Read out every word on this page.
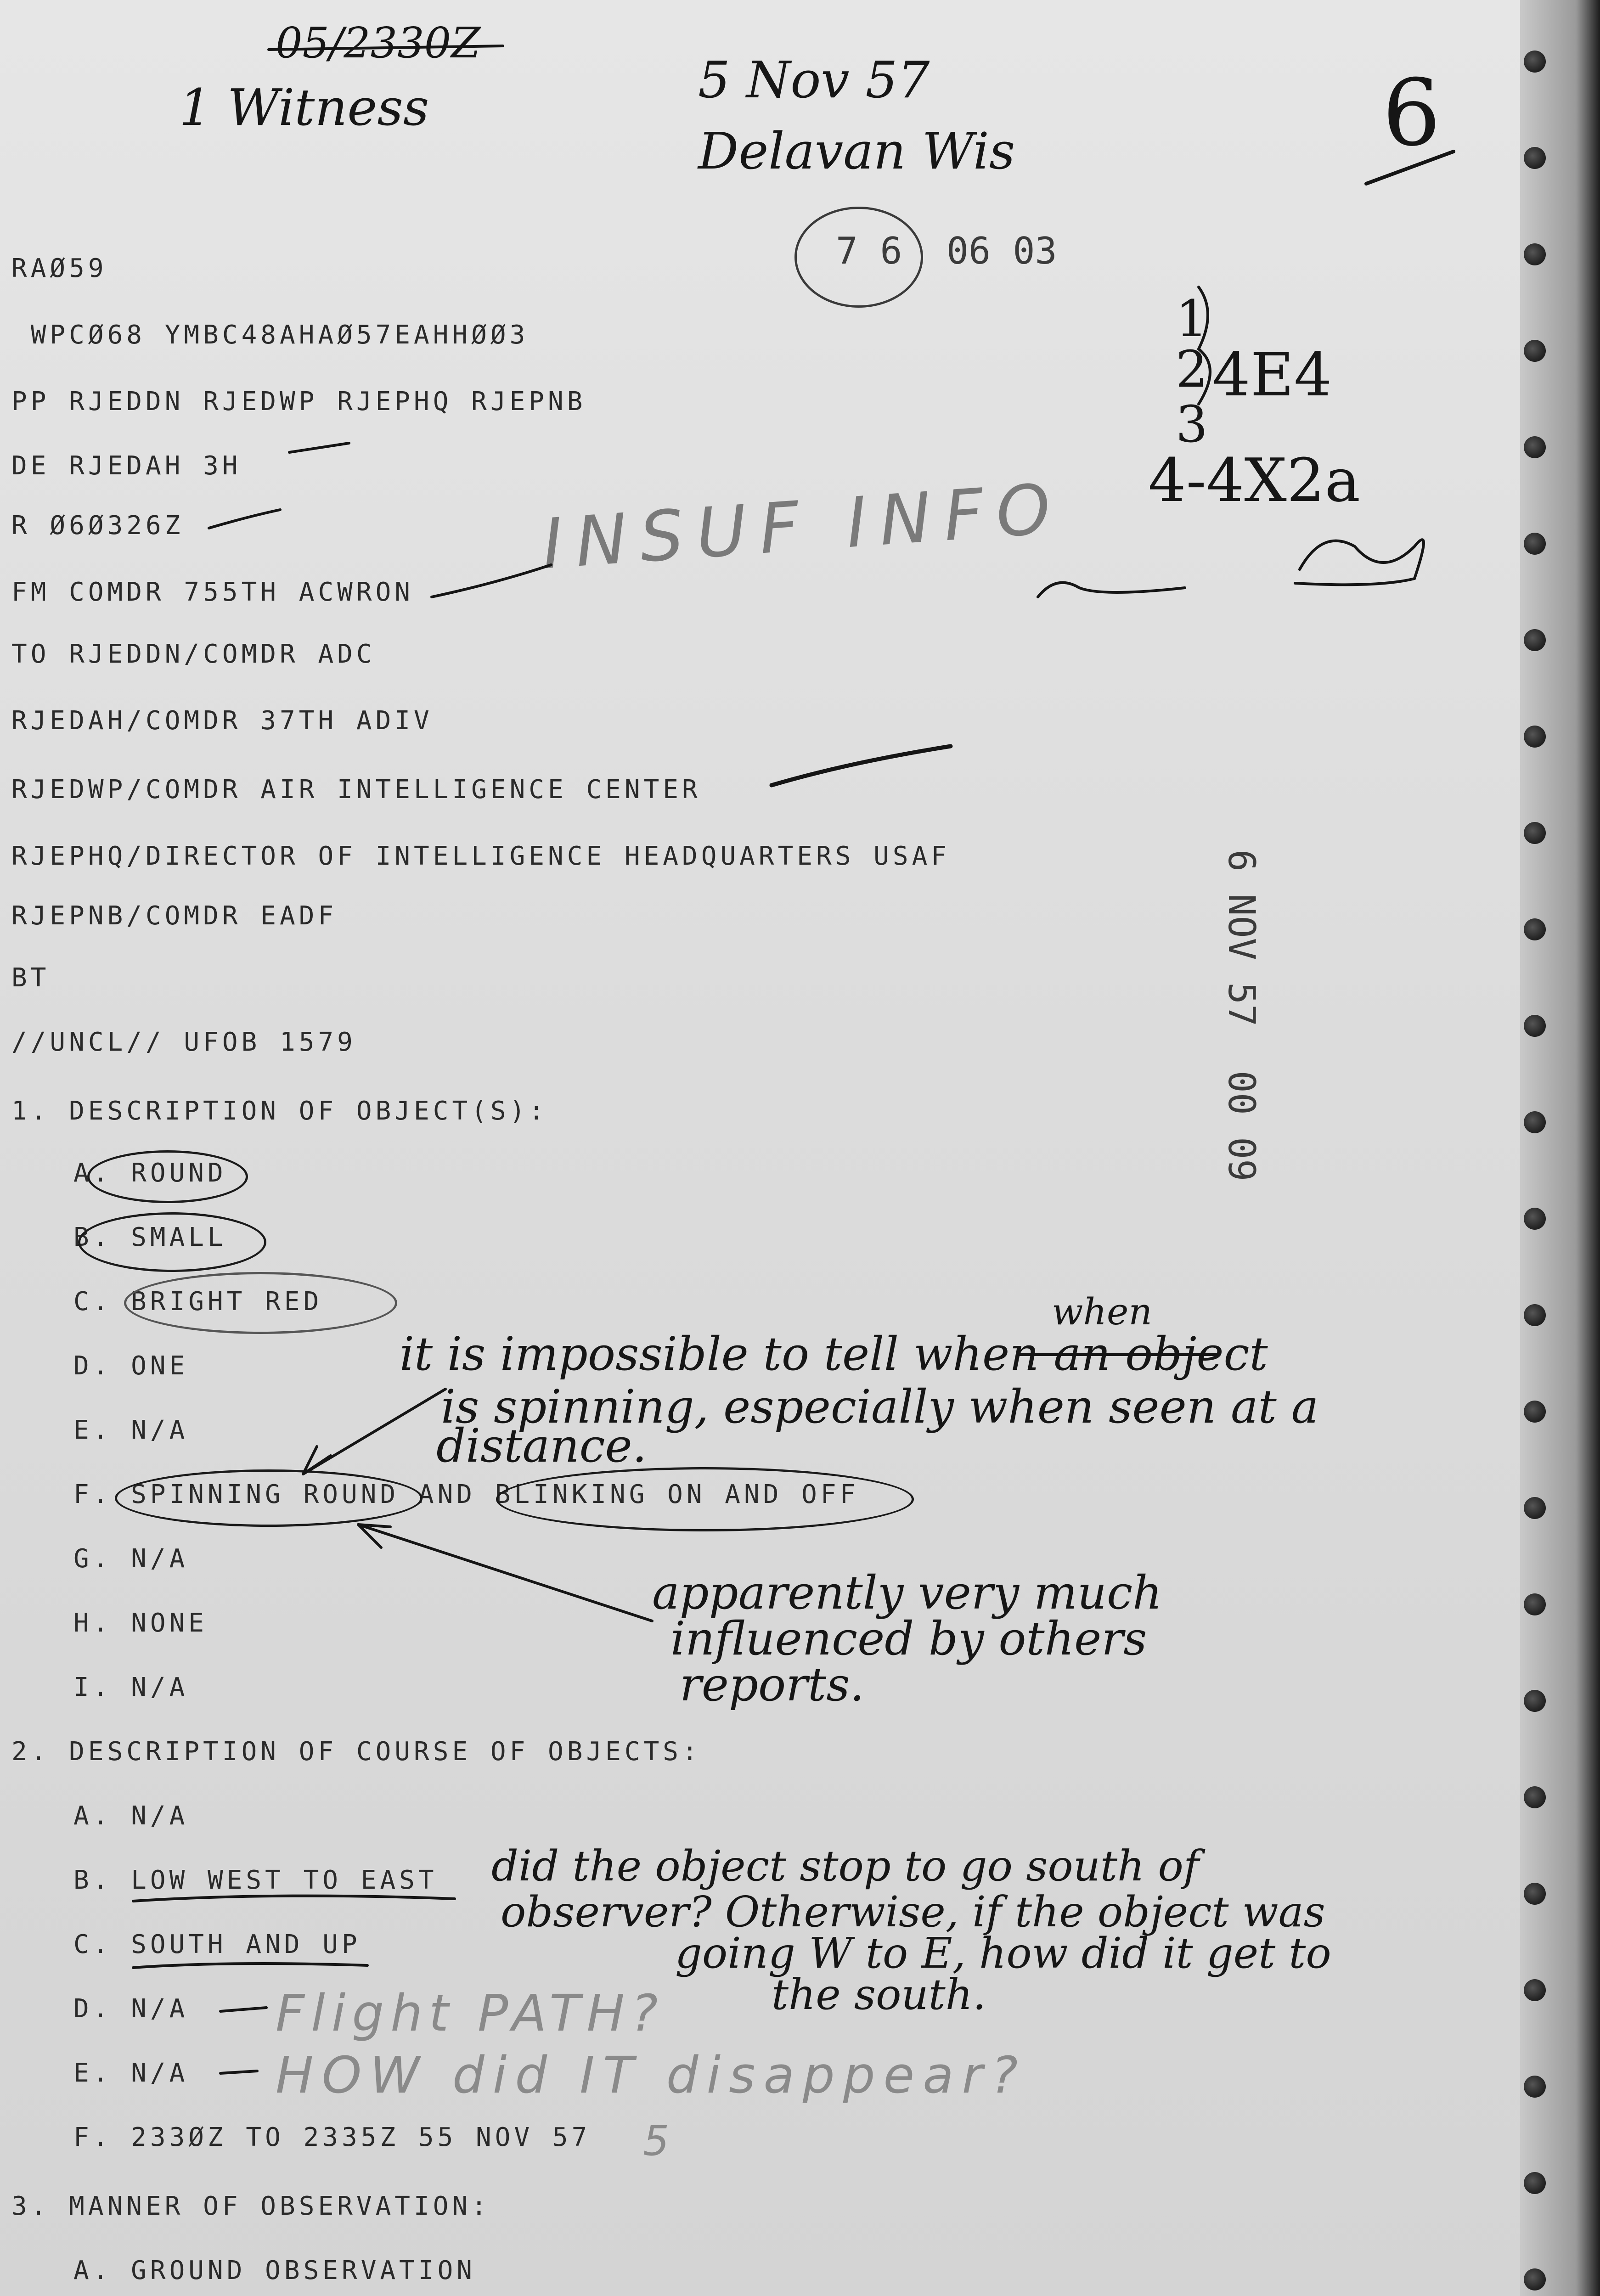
05/2330Z
1 Witness	5 Nov 57
Delavan Wis	6
7 6  06 03
1
2
3
4E4
4-4X2a
INSUF INFO
6 NOV 57  00 09
RAØ59
WPCØ68 YMBC48AHAØ57EAHHØØ3
PP RJEDDN RJEDWP RJEPHQ RJEPNB
DE RJEDAH 3H
R Ø6Ø326Z
FM COMDR 755TH ACWRON
TO RJEDDN/COMDR ADC
RJEDAH/COMDR 37TH ADIV
RJEDWP/COMDR AIR INTELLIGENCE CENTER
RJEPHQ/DIRECTOR OF INTELLIGENCE HEADQUARTERS USAF
RJEPNB/COMDR EADF
BT
//UNCL// UFOB 1579
1. DESCRIPTION OF OBJECT(S):
A. ROUND
B. SMALL
C. BRIGHT RED
D. ONE
E. N/A
F. SPINNING ROUND AND BLINKING ON AND OFF
G. N/A
H. NONE
I. N/A
2. DESCRIPTION OF COURSE OF OBJECTS:
A. N/A
B. LOW WEST TO EAST
C. SOUTH AND UP
D. N/A
E. N/A
F. 233ØZ TO 2335Z 55 NOV 57
3. MANNER OF OBSERVATION:
A. GROUND OBSERVATION
when
it is impossible to tell when an object
is spinning, especially when seen at a
distance.
apparently very much
influenced by others
reports.
did the object stop to go south of
observer? Otherwise, if the object was
going W to E, how did it get to
the south.
Flight PATH?
HOW did IT disappear?
5
